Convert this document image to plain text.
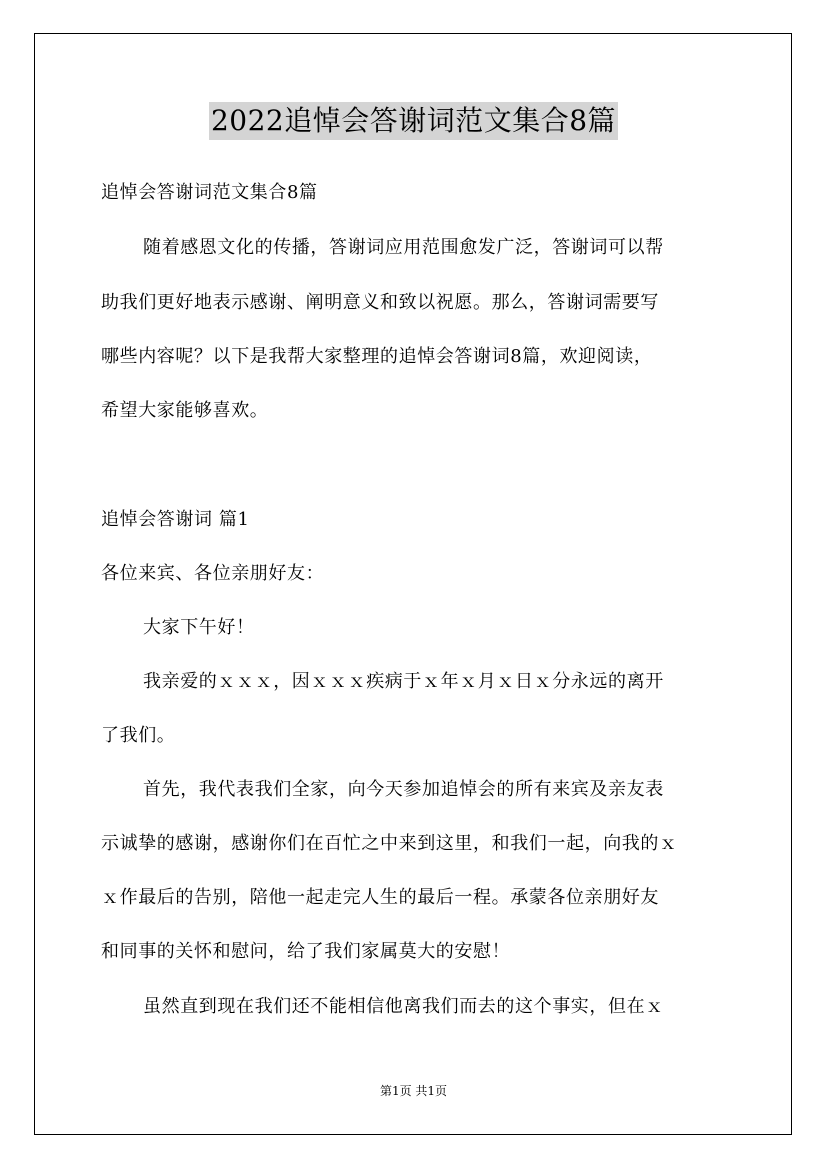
2022追悼会答谢词范文集合8篇
追悼会答谢词范文集合8篇
随着感恩文化的传播，答谢词应用范围愈发广泛，答谢词可以帮
助我们更好地表示感谢、阐明意义和致以祝愿。那么，答谢词需要写
哪些内容呢？以下是我帮大家整理的追悼会答谢词8篇，欢迎阅读，
希望大家能够喜欢。
追悼会答谢词 篇1
各位来宾、各位亲朋好友：
大家下午好！
我亲爱的ｘｘｘ，因ｘｘｘ疾病于ｘ年ｘ月ｘ日ｘ分永远的离开
了我们。
首先，我代表我们全家，向今天参加追悼会的所有来宾及亲友表
示诚挚的感谢，感谢你们在百忙之中来到这里，和我们一起，向我的ｘ
ｘ作最后的告别，陪他一起走完人生的最后一程。承蒙各位亲朋好友
和同事的关怀和慰问，给了我们家属莫大的安慰！
虽然直到现在我们还不能相信他离我们而去的这个事实，但在ｘ
第1页 共1页
